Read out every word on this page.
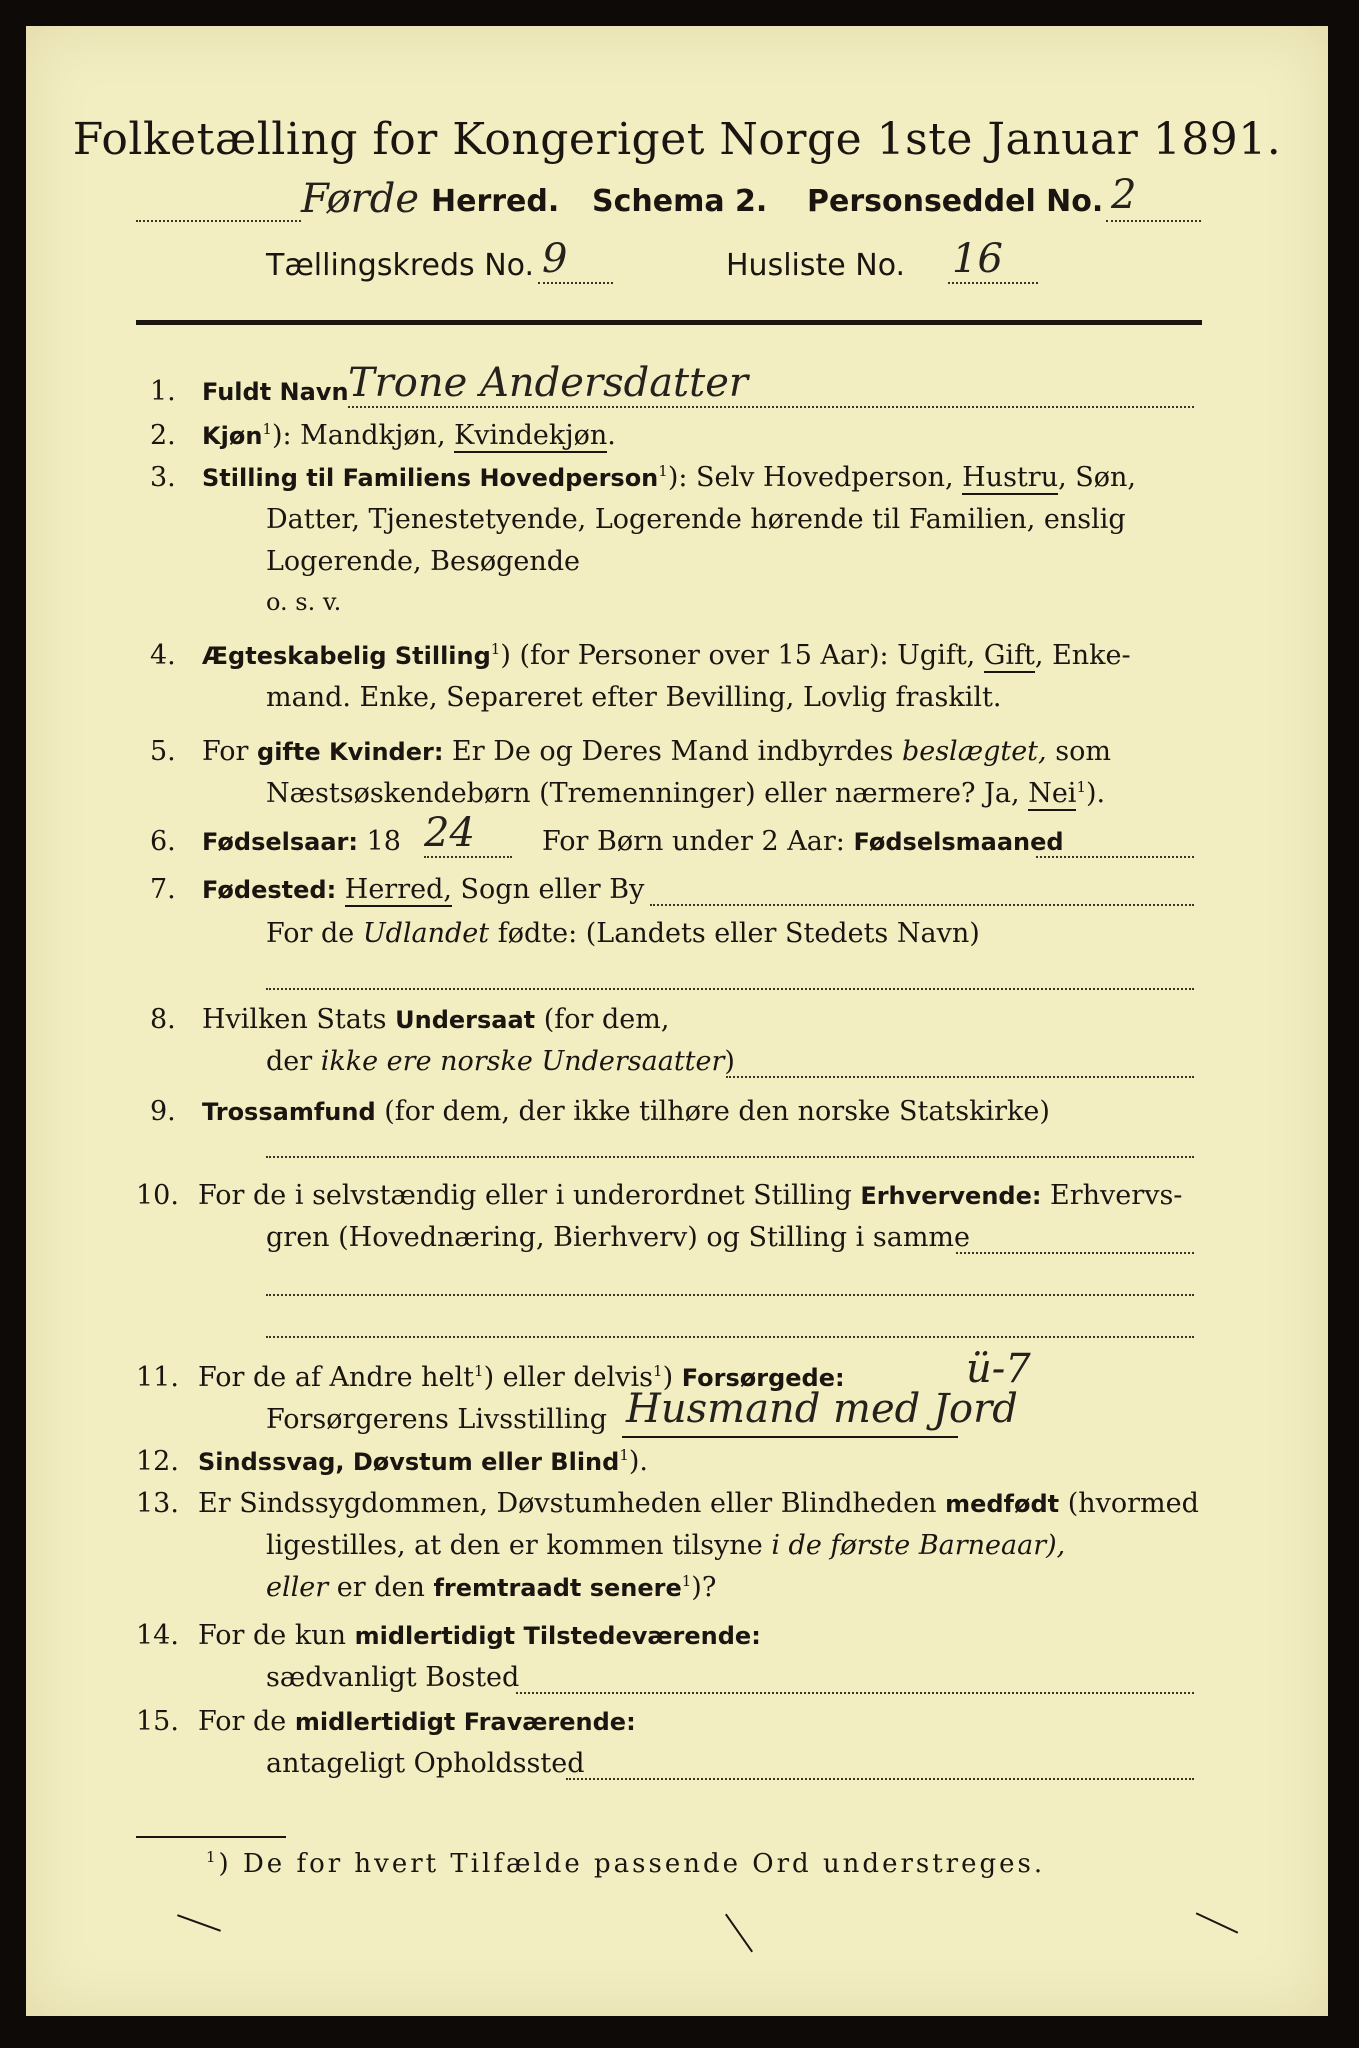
Folketælling for Kongeriget Norge 1ste Januar 1891.
Førde Herred. Schema 2. Personseddel No. 2
Tællingskreds No. 9	Husliste No. 16
1. Fuldt Navn Trone Andersdatter
2. Kjøn$^1$): Mandkjøn, Kvindekjøn.
3. Stilling til Familiens Hovedperson$^1$): Selv Hovedperson, Hustru, Søn,
Datter, Tjenestetyende, Logerende hørende til Familien, enslig
Logerende, Besøgende
o. s. v.
4. Ægteskabelig Stilling$^1$) (for Personer over 15 Aar): Ugift, Gift, Enke-
mand. Enke, Separeret efter Bevilling, Lovlig fraskilt.
5. For gifte Kvinder: Er De og Deres Mand indbyrdes beslægtet, som
Næstsøskendebørn (Tremenninger) eller nærmere? Ja, Nei$^1$).
6. Fødselsaar: 18 24 For Børn under 2 Aar: Fødselsmaaned
7. Fødested: Herred, Sogn eller By
For de Udlandet fødte: (Landets eller Stedets Navn)
8. Hvilken Stats Undersaat (for dem,
der ikke ere norske Undersaatter)
9. Trossamfund (for dem, der ikke tilhøre den norske Statskirke)
10. For de i selvstændig eller i underordnet Stilling Erhvervende: Erhvervs-
gren (Hovednæring, Bierhverv) og Stilling i samme
11. For de af Andre helt$^1$) eller delvis$^1$) Forsørgede:	ü-7
Forsørgerens Livsstilling Husmand med Jord
12. Sindssvag, Døvstum eller Blind$^1$).
13. Er Sindssygdommen, Døvstumheden eller Blindheden medfødt (hvormed
ligestilles, at den er kommen tilsyne i de første Barneaar),
eller er den fremtraadt senere$^1$)?
14. For de kun midlertidigt Tilstedeværende:
sædvanligt Bosted
15. For de midlertidigt Fraværende:
antageligt Opholdssted
$^1$) De for hvert Tilfælde passende Ord understreges.
